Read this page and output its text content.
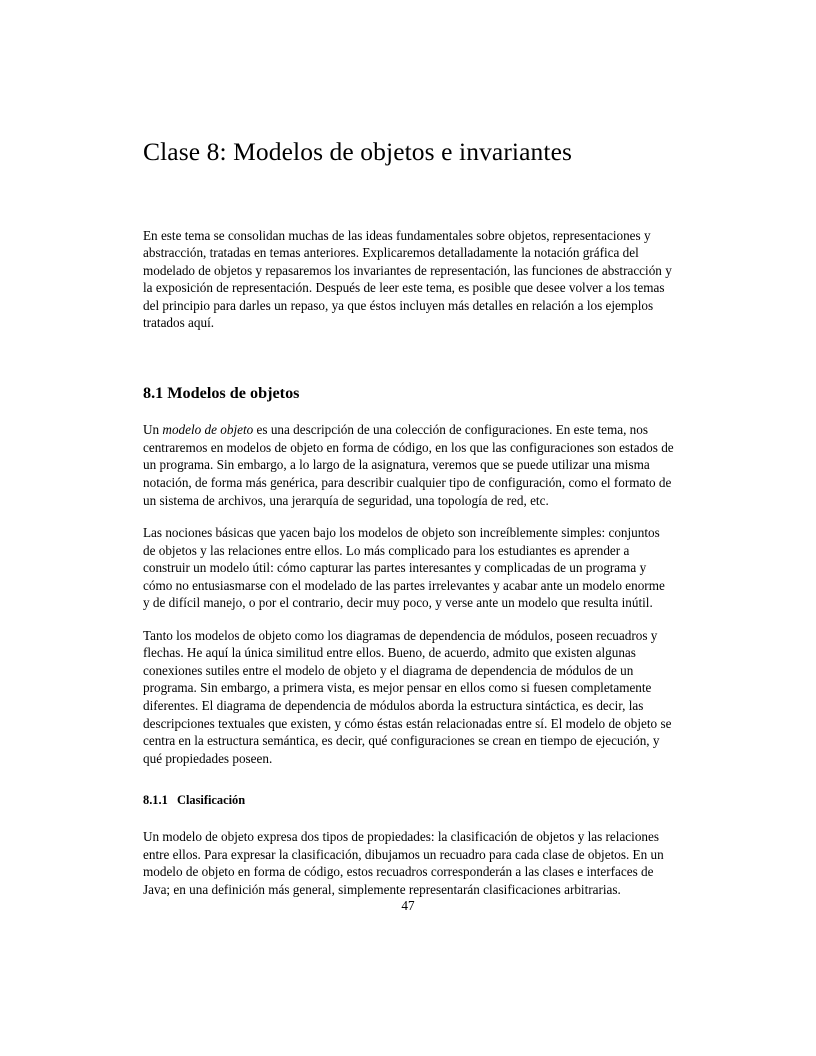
Clase 8: Modelos de objetos e invariantes

En este tema se consolidan muchas de las ideas fundamentales sobre objetos, representaciones y abstracción, tratadas en temas anteriores. Explicaremos detalladamente la notación gráfica del modelado de objetos y repasaremos los invariantes de representación, las funciones de abstracción y la exposición de representación. Después de leer este tema, es posible que desee volver a los temas del principio para darles un repaso, ya que éstos incluyen más detalles en relación a los ejemplos tratados aquí.

8.1 Modelos de objetos

Un modelo de objeto es una descripción de una colección de configuraciones. En este tema, nos centraremos en modelos de objeto en forma de código, en los que las configuraciones son estados de un programa. Sin embargo, a lo largo de la asignatura, veremos que se puede utilizar una misma notación, de forma más genérica, para describir cualquier tipo de configuración, como el formato de un sistema de archivos, una jerarquía de seguridad, una topología de red, etc.

Las nociones básicas que yacen bajo los modelos de objeto son increíblemente simples: conjuntos de objetos y las relaciones entre ellos. Lo más complicado para los estudiantes es aprender a construir un modelo útil: cómo capturar las partes interesantes y complicadas de un programa y cómo no entusiasmarse con el modelado de las partes irrelevantes y acabar ante un modelo enorme y de difícil manejo, o por el contrario, decir muy poco, y verse ante un modelo que resulta inútil.

Tanto los modelos de objeto como los diagramas de dependencia de módulos, poseen recuadros y flechas. He aquí la única similitud entre ellos. Bueno, de acuerdo, admito que existen algunas conexiones sutiles entre el modelo de objeto y el diagrama de dependencia de módulos de un programa. Sin embargo, a primera vista, es mejor pensar en ellos como si fuesen completamente diferentes. El diagrama de dependencia de módulos aborda la estructura sintáctica, es decir, las descripciones textuales que existen, y cómo éstas están relacionadas entre sí. El modelo de objeto se centra en la estructura semántica, es decir, qué configuraciones se crean en tiempo de ejecución, y qué propiedades poseen.

8.1.1 Clasificación

Un modelo de objeto expresa dos tipos de propiedades: la clasificación de objetos y las relaciones entre ellos. Para expresar la clasificación, dibujamos un recuadro para cada clase de objetos. En un modelo de objeto en forma de código, estos recuadros corresponderán a las clases e interfaces de Java; en una definición más general, simplemente representarán clasificaciones arbitrarias.

47
